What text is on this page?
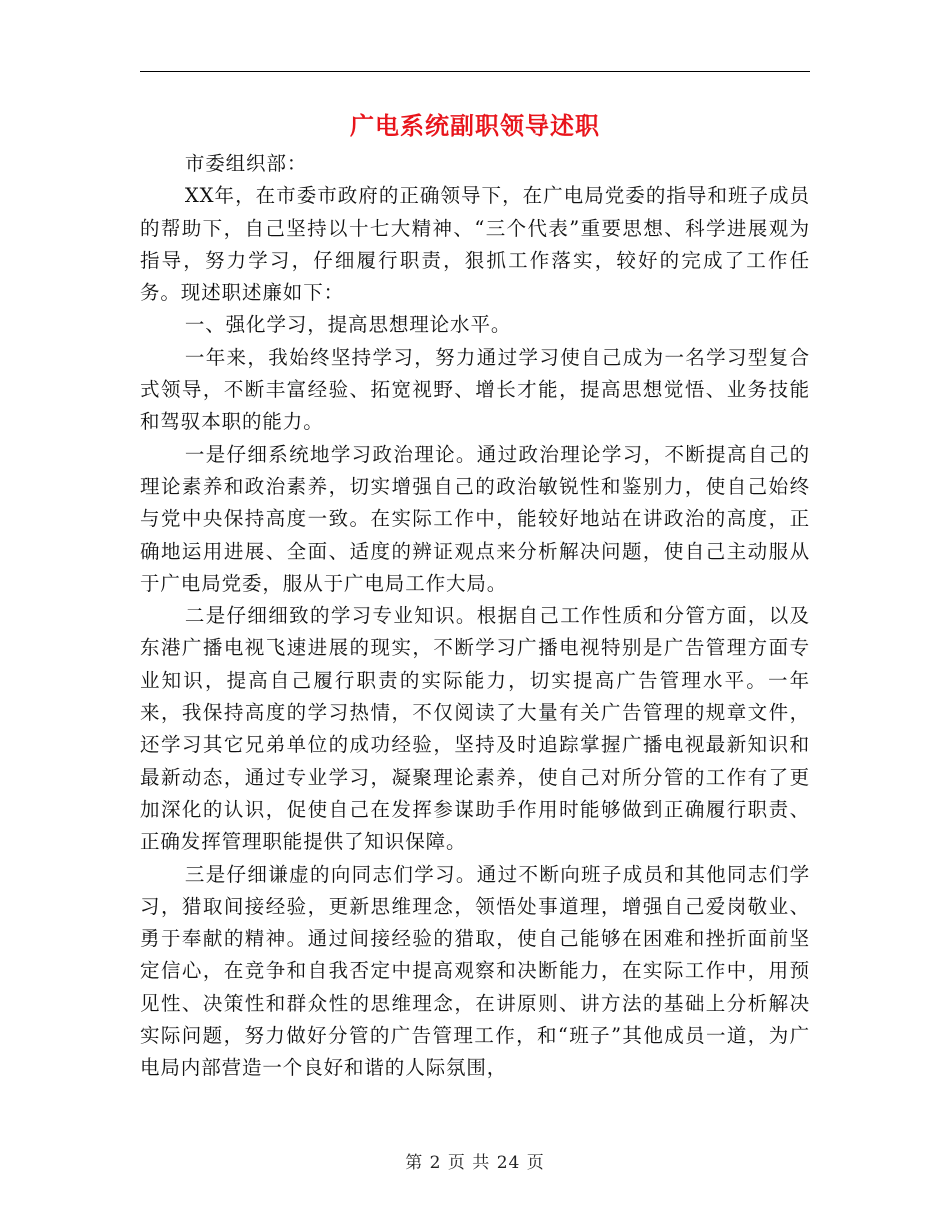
广电系统副职领导述职

市委组织部：

XX年，在市委市政府的正确领导下，在广电局党委的指导和班子成员的帮助下，自己坚持以十七大精神、“三个代表”重要思想、科学进展观为指导，努力学习，仔细履行职责，狠抓工作落实，较好的完成了工作任务。现述职述廉如下：

一、强化学习，提高思想理论水平。

一年来，我始终坚持学习，努力通过学习使自己成为一名学习型复合式领导，不断丰富经验、拓宽视野、增长才能，提高思想觉悟、业务技能和驾驭本职的能力。

一是仔细系统地学习政治理论。通过政治理论学习，不断提高自己的理论素养和政治素养，切实增强自己的政治敏锐性和鉴别力，使自己始终与党中央保持高度一致。在实际工作中，能较好地站在讲政治的高度，正确地运用进展、全面、适度的辨证观点来分析解决问题，使自己主动服从于广电局党委，服从于广电局工作大局。

二是仔细细致的学习专业知识。根据自己工作性质和分管方面，以及东港广播电视飞速进展的现实，不断学习广播电视特别是广告管理方面专业知识，提高自己履行职责的实际能力，切实提高广告管理水平。一年来，我保持高度的学习热情，不仅阅读了大量有关广告管理的规章文件，还学习其它兄弟单位的成功经验，坚持及时追踪掌握广播电视最新知识和最新动态，通过专业学习，凝聚理论素养，使自己对所分管的工作有了更加深化的认识，促使自己在发挥参谋助手作用时能够做到正确履行职责、正确发挥管理职能提供了知识保障。

三是仔细谦虚的向同志们学习。通过不断向班子成员和其他同志们学习，猎取间接经验，更新思维理念，领悟处事道理，增强自己爱岗敬业、勇于奉献的精神。通过间接经验的猎取，使自己能够在困难和挫折面前坚定信心，在竞争和自我否定中提高观察和决断能力，在实际工作中，用预见性、决策性和群众性的思维理念，在讲原则、讲方法的基础上分析解决实际问题，努力做好分管的广告管理工作，和“班子”其他成员一道，为广电局内部营造一个良好和谐的人际氛围，

第 2 页 共 24 页
